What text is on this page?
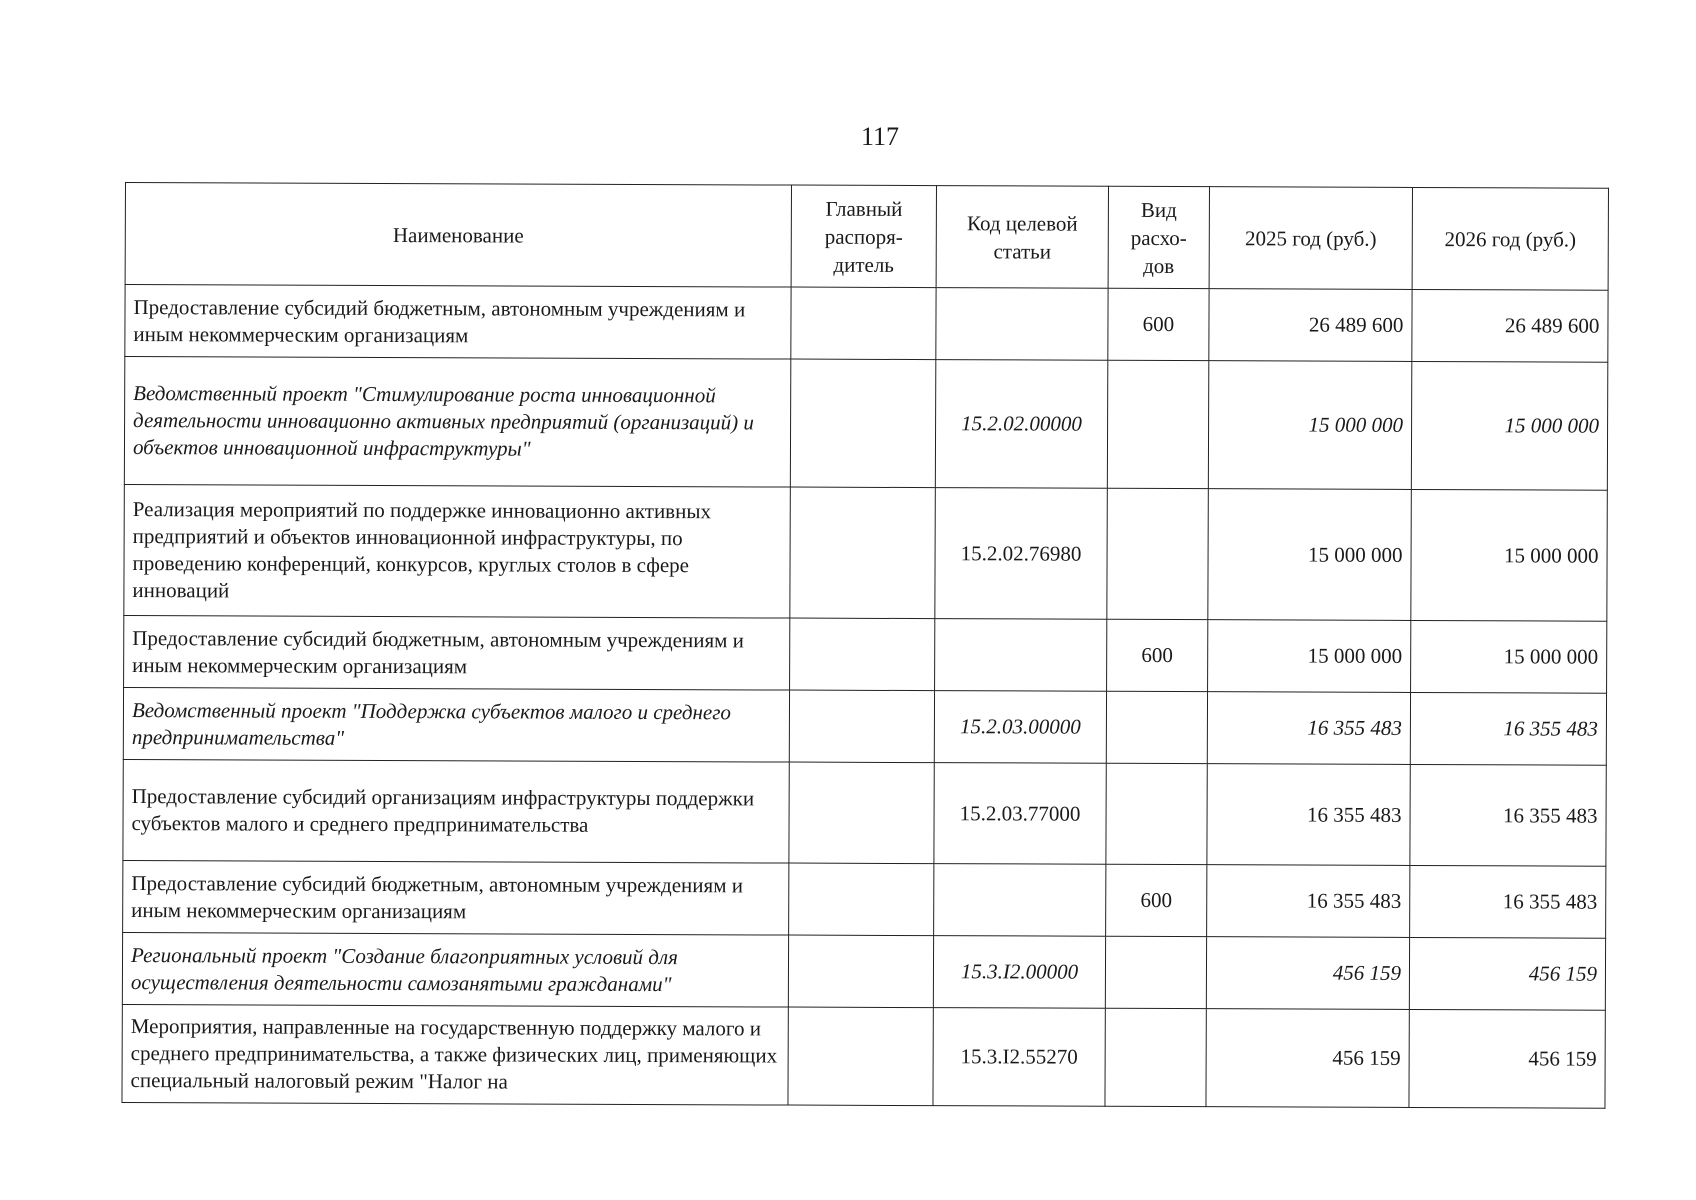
117
Наименование	Главный распоря-дитель	Код целевой статьи	Вид расхо-дов	2025 год (руб.)	2026 год (руб.)
Предоставление субсидий бюджетным, автономным учреждениям и иным некоммерческим организациям			600	26 489 600	26 489 600
Ведомственный проект "Стимулирование роста инновационной деятельности инновационно активных предприятий (организаций) и объектов инновационной инфраструктуры"		15.2.02.00000		15 000 000	15 000 000
Реализация мероприятий по поддержке инновационно активных предприятий и объектов инновационной инфраструктуры, по проведению конференций, конкурсов, круглых столов в сфере инноваций		15.2.02.76980		15 000 000	15 000 000
Предоставление субсидий бюджетным, автономным учреждениям и иным некоммерческим организациям			600	15 000 000	15 000 000
Ведомственный проект "Поддержка субъектов малого и среднего предпринимательства"		15.2.03.00000		16 355 483	16 355 483
Предоставление субсидий организациям инфраструктуры поддержки субъектов малого и среднего предпринимательства		15.2.03.77000		16 355 483	16 355 483
Предоставление субсидий бюджетным, автономным учреждениям и иным некоммерческим организациям			600	16 355 483	16 355 483
Региональный проект "Создание благоприятных условий для осуществления деятельности самозанятыми гражданами"		15.3.I2.00000		456 159	456 159
Мероприятия, направленные на государственную поддержку малого и среднего предпринимательства, а также физических лиц, применяющих специальный налоговый режим "Налог на		15.3.I2.55270		456 159	456 159
